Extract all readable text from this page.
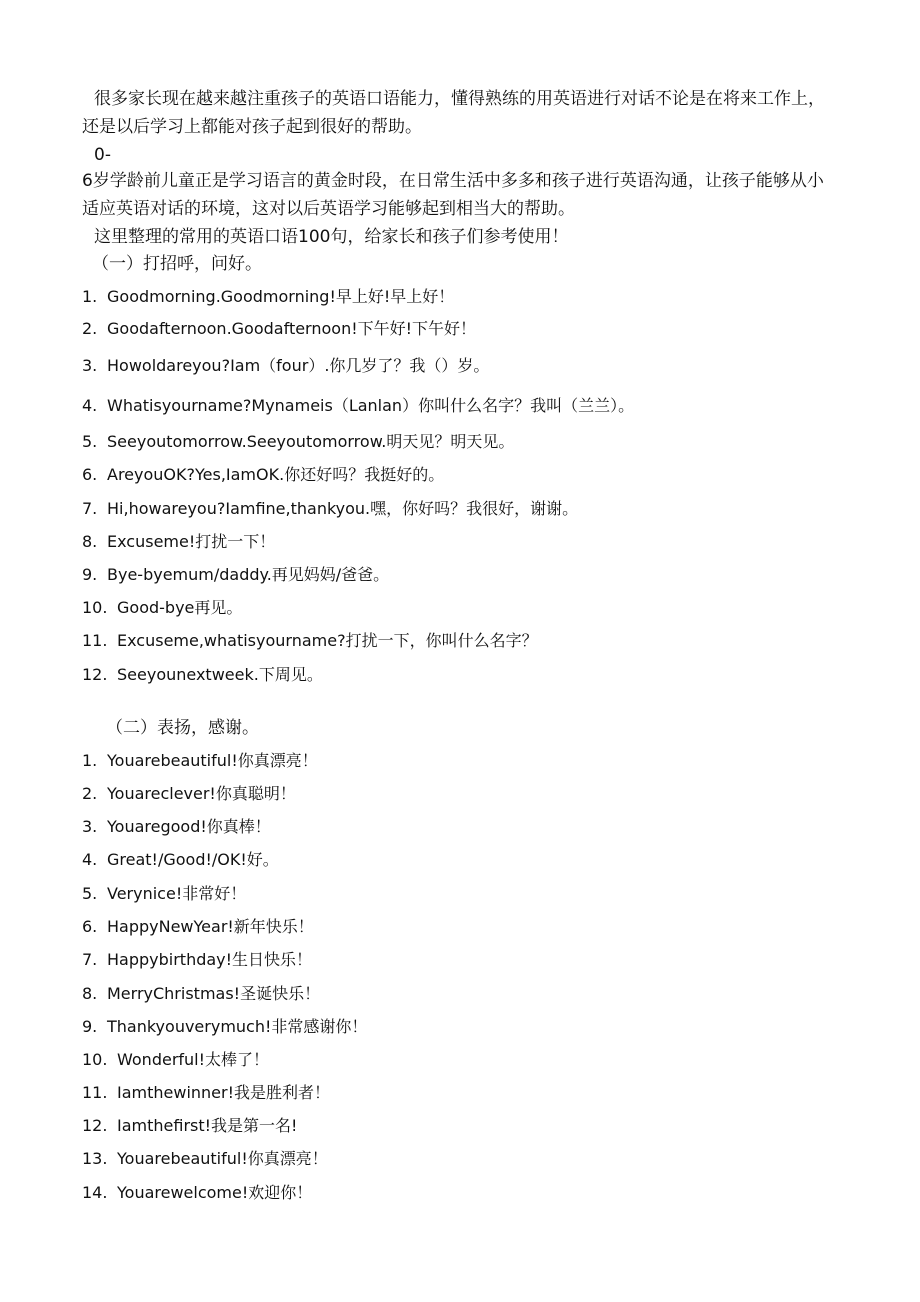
很多家长现在越来越注重孩子的英语口语能力，懂得熟练的用英语进行对话不论是在将来工作上，还是以后学习上都能对孩子起到很好的帮助。

0-

6岁学龄前儿童正是学习语言的黄金时段，在日常生活中多多和孩子进行英语沟通，让孩子能够从小适应英语对话的环境，这对以后英语学习能够起到相当大的帮助。

这里整理的常用的英语口语100句，给家长和孩子们参考使用！

（一）打招呼，问好。

1. Goodmorning.Goodmorning!早上好!早上好！
2. Goodafternoon.Goodafternoon!下午好!下午好！
3. Howoldareyou?Iam（four）.你几岁了？我（）岁。
4. Whatisyourname?Mynameis（Lanlan）你叫什么名字？我叫（兰兰）。
5. Seeyoutomorrow.Seeyoutomorrow.明天见？明天见。
6. AreyouOK?Yes,IamOK.你还好吗？我挺好的。
7. Hi,howareyou?Iamfine,thankyou.嘿，你好吗？我很好，谢谢。
8. Excuseme!打扰一下！
9. Bye-byemum/daddy.再见妈妈/爸爸。
10. Good-bye再见。
11. Excuseme,whatisyourname?打扰一下，你叫什么名字？
12. Seeyounextweek.下周见。

（二）表扬，感谢。

1. Youarebeautiful!你真漂亮！
2. Youareclever!你真聪明！
3. Youaregood!你真棒！
4. Great!/Good!/OK!好。
5. Verynice!非常好！
6. HappyNewYear!新年快乐！
7. Happybirthday!生日快乐！
8. MerryChristmas!圣诞快乐！
9. Thankyouverymuch!非常感谢你！
10. Wonderful!太棒了！
11. Iamthewinner!我是胜利者！
12. Iamthefirst!我是第一名!
13. Youarebeautiful!你真漂亮！
14. Youarewelcome!欢迎你！
